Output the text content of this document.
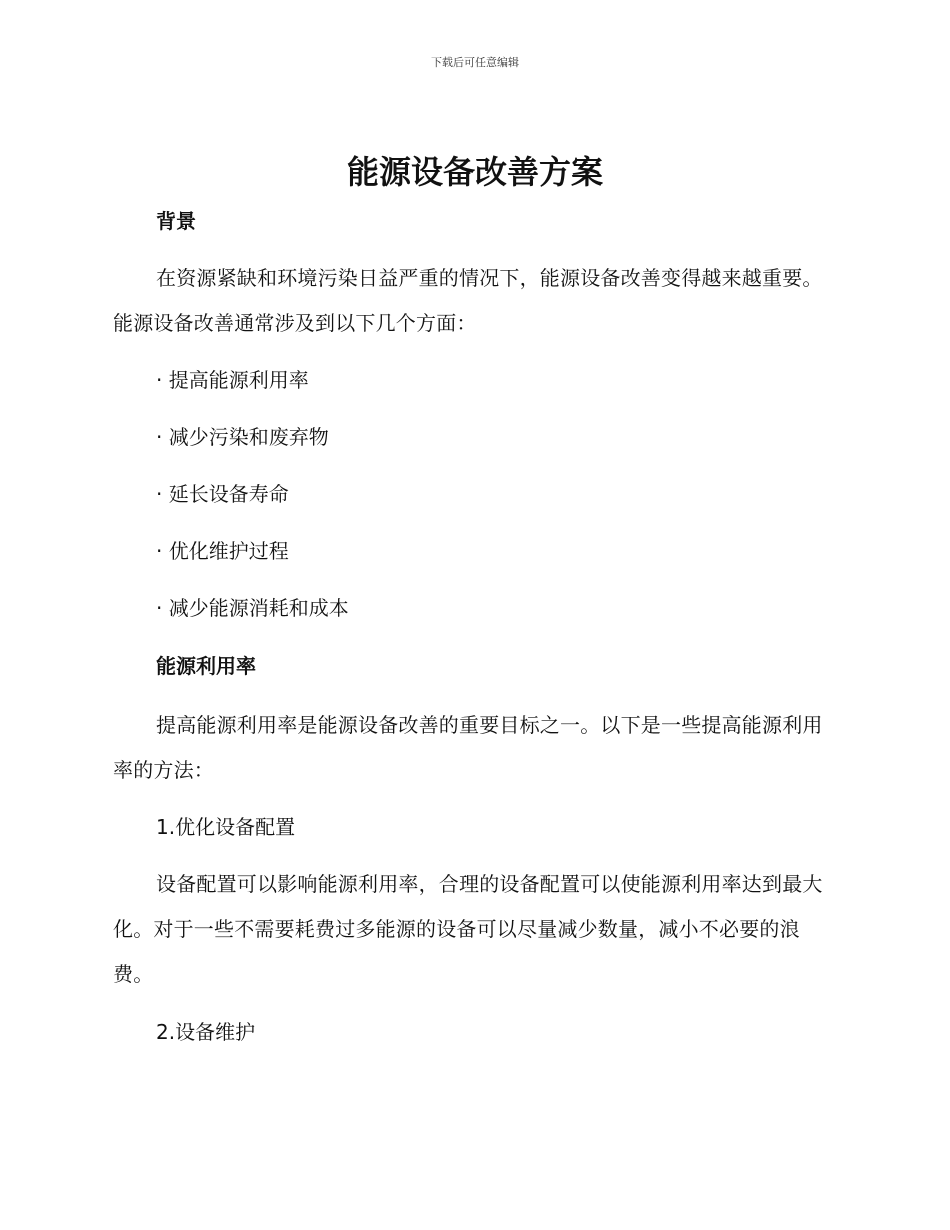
下载后可任意编辑
能源设备改善方案

背景

在资源紧缺和环境污染日益严重的情况下，能源设备改善变得越来越重要。能源设备改善通常涉及到以下几个方面：

· 提高能源利用率

· 减少污染和废弃物

· 延长设备寿命

· 优化维护过程

· 减少能源消耗和成本

能源利用率

提高能源利用率是能源设备改善的重要目标之一。以下是一些提高能源利用率的方法：

1.优化设备配置

设备配置可以影响能源利用率，合理的设备配置可以使能源利用率达到最大化。对于一些不需要耗费过多能源的设备可以尽量减少数量，减小不必要的浪费。

2.设备维护
